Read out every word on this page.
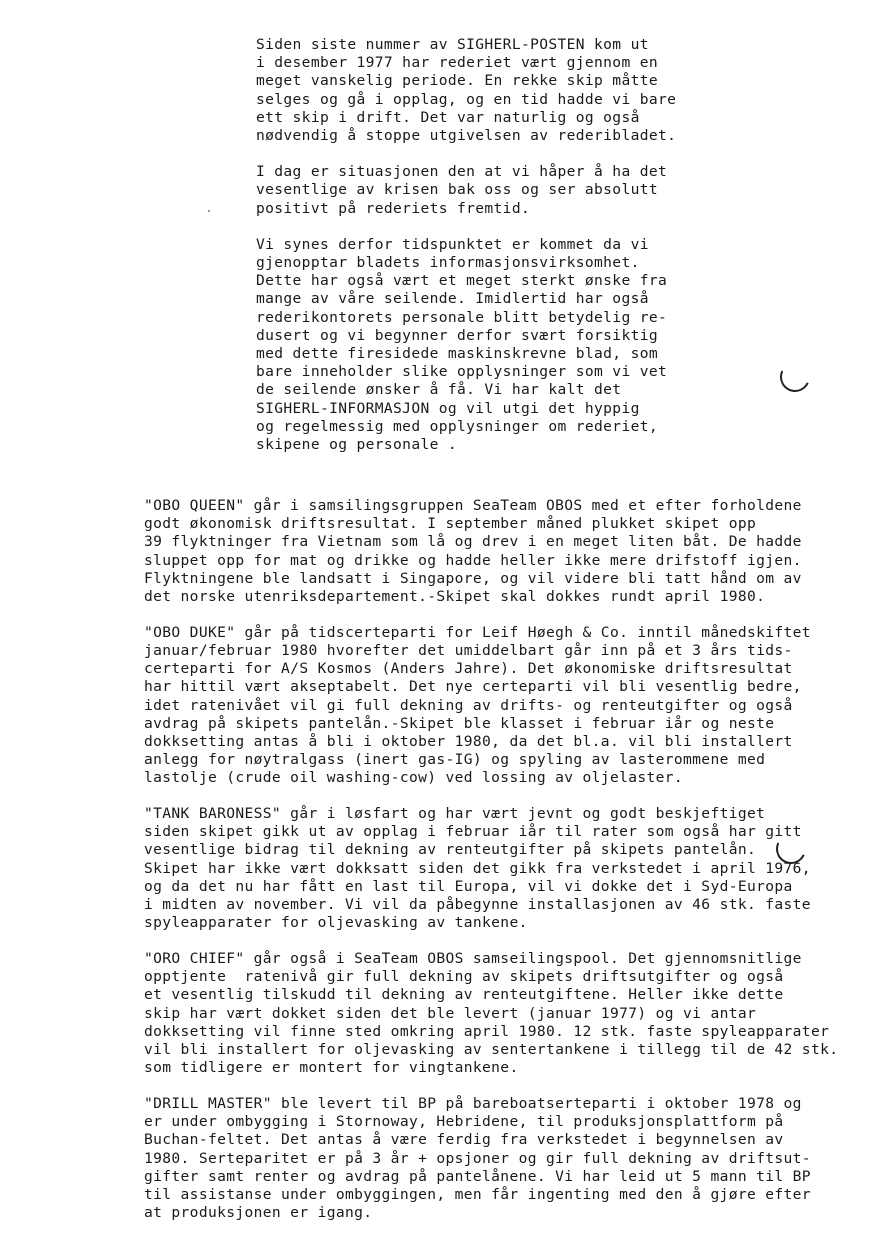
Siden siste nummer av SIGHERL-POSTEN kom ut
i desember 1977 har rederiet vært gjennom en
meget vanskelig periode. En rekke skip måtte
selges og gå i opplag, og en tid hadde vi bare
ett skip i drift. Det var naturlig og også
nødvendig å stoppe utgivelsen av rederibladet.

I dag er situasjonen den at vi håper å ha det
vesentlige av krisen bak oss og ser absolutt
positivt på rederiets fremtid.

Vi synes derfor tidspunktet er kommet da vi
gjenopptar bladets informasjonsvirksomhet.
Dette har også vært et meget sterkt ønske fra
mange av våre seilende. Imidlertid har også
rederikontorets personale blitt betydelig re-
dusert og vi begynner derfor svært forsiktig
med dette firesidede maskinskrevne blad, som
bare inneholder slike opplysninger som vi vet
de seilende ønsker å få. Vi har kalt det
SIGHERL-INFORMASJON og vil utgi det hyppig
og regelmessig med opplysninger om rederiet,
skipene og personale .

"OBO QUEEN" går i samsilingsgruppen SeaTeam OBOS med et efter forholdene
godt økonomisk driftsresultat. I september måned plukket skipet opp
39 flyktninger fra Vietnam som lå og drev i en meget liten båt. De hadde
sluppet opp for mat og drikke og hadde heller ikke mere drifstoff igjen.
Flyktningene ble landsatt i Singapore, og vil videre bli tatt hånd om av
det norske utenriksdepartement.-Skipet skal dokkes rundt april 1980.

"OBO DUKE" går på tidscerteparti for Leif Høegh & Co. inntil månedskiftet
januar/februar 1980 hvorefter det umiddelbart går inn på et 3 års tids-
certeparti for A/S Kosmos (Anders Jahre). Det økonomiske driftsresultat
har hittil vært akseptabelt. Det nye certeparti vil bli vesentlig bedre,
idet ratenivået vil gi full dekning av drifts- og renteutgifter og også
avdrag på skipets pantelån.-Skipet ble klasset i februar iår og neste
dokksetting antas å bli i oktober 1980, da det bl.a. vil bli installert
anlegg for nøytralgass (inert gas-IG) og spyling av lasterommene med
lastolje (crude oil washing-cow) ved lossing av oljelaster.

"TANK BARONESS" går i løsfart og har vært jevnt og godt beskjeftiget
siden skipet gikk ut av opplag i februar iår til rater som også har gitt
vesentlige bidrag til dekning av renteutgifter på skipets pantelån.
Skipet har ikke vært dokksatt siden det gikk fra verkstedet i april 1976,
og da det nu har fått en last til Europa, vil vi dokke det i Syd-Europa
i midten av november. Vi vil da påbegynne installasjonen av 46 stk. faste
spyleapparater for oljevasking av tankene.

"ORO CHIEF" går også i SeaTeam OBOS samseilingspool. Det gjennomsnitlige
opptjente  ratenivå gir full dekning av skipets driftsutgifter og også
et vesentlig tilskudd til dekning av renteutgiftene. Heller ikke dette
skip har vært dokket siden det ble levert (januar 1977) og vi antar
dokksetting vil finne sted omkring april 1980. 12 stk. faste spyleapparater
vil bli installert for oljevasking av sentertankene i tillegg til de 42 stk.
som tidligere er montert for vingtankene.

"DRILL MASTER" ble levert til BP på bareboatserteparti i oktober 1978 og
er under ombygging i Stornoway, Hebridene, til produksjonsplattform på
Buchan-feltet. Det antas å være ferdig fra verkstedet i begynnelsen av
1980. Serteparitet er på 3 år + opsjoner og gir full dekning av driftsut-
gifter samt renter og avdrag på pantelånene. Vi har leid ut 5 mann til BP
til assistanse under ombyggingen, men får ingenting med den å gjøre efter
at produksjonen er igang.
